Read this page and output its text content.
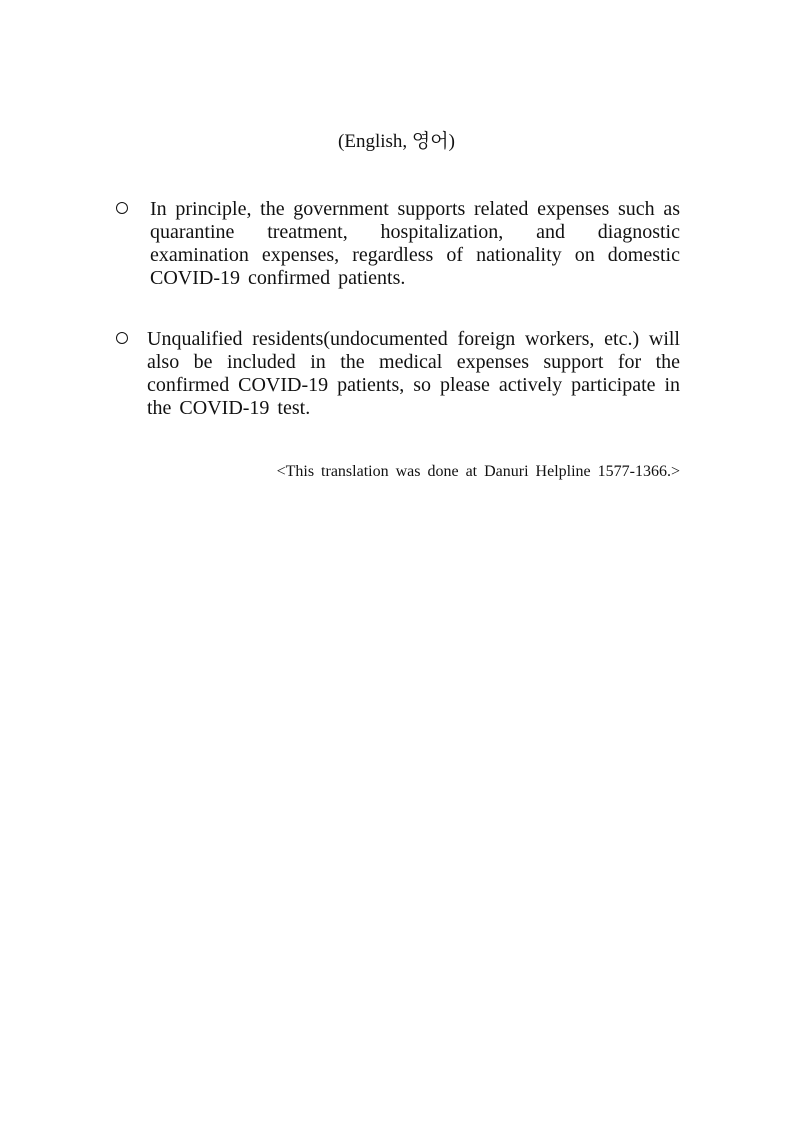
(English, 영어)
In principle, the government supports related expenses such as quarantine treatment, hospitalization, and diagnostic examination expenses, regardless of nationality on domestic COVID-19 confirmed patients.
Unqualified residents(undocumented foreign workers, etc.) will also be included in the medical expenses support for the confirmed COVID-19 patients, so please actively participate in the COVID-19 test.
<This translation was done at Danuri Helpline 1577-1366.>
